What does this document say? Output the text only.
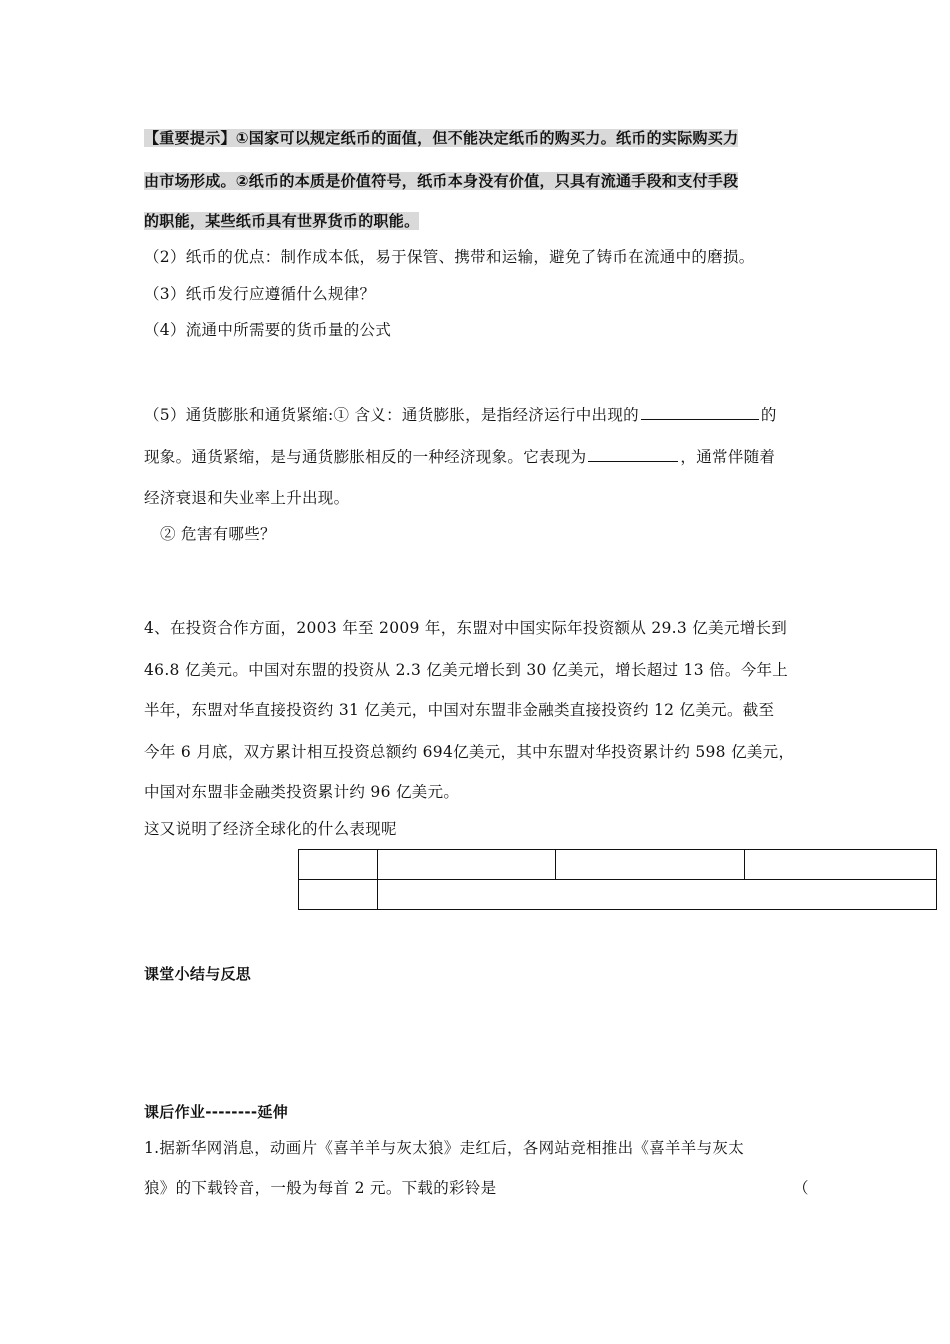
【重要提示】①国家可以规定纸币的面值，但不能决定纸币的购买力。纸币的实际购买力
由市场形成。②纸币的本质是价值符号，纸币本身没有价值，只具有流通手段和支付手段
的职能，某些纸币具有世界货币的职能。
（2）纸币的优点：制作成本低，易于保管、携带和运输，避免了铸币在流通中的磨损。
（3）纸币发行应遵循什么规律？
（4）流通中所需要的货币量的公式
（5）通货膨胀和通货紧缩:① 含义：通货膨胀，是指经济运行中出现的	的
现象。通货紧缩，是与通货膨胀相反的一种经济现象。它表现为	，通常伴随着
经济衰退和失业率上升出现。
② 危害有哪些？
4、在投资合作方面，2003 年至 2009 年，东盟对中国实际年投资额从 29.3 亿美元增长到
46.8 亿美元。中国对东盟的投资从 2.3 亿美元增长到 30 亿美元，增长超过 13 倍。今年上
半年，东盟对华直接投资约 31 亿美元，中国对东盟非金融类直接投资约 12 亿美元。截至
今年 6 月底，双方累计相互投资总额约 694亿美元，其中东盟对华投资累计约 598 亿美元，
中国对东盟非金融类投资累计约 96 亿美元。
这又说明了经济全球化的什么表现呢

课堂小结与反思
课后作业--------延伸
1.据新华网消息，动画片《喜羊羊与灰太狼》走红后，各网站竞相推出《喜羊羊与灰太
狼》的下载铃音，一般为每首 2 元。下载的彩铃是	（
